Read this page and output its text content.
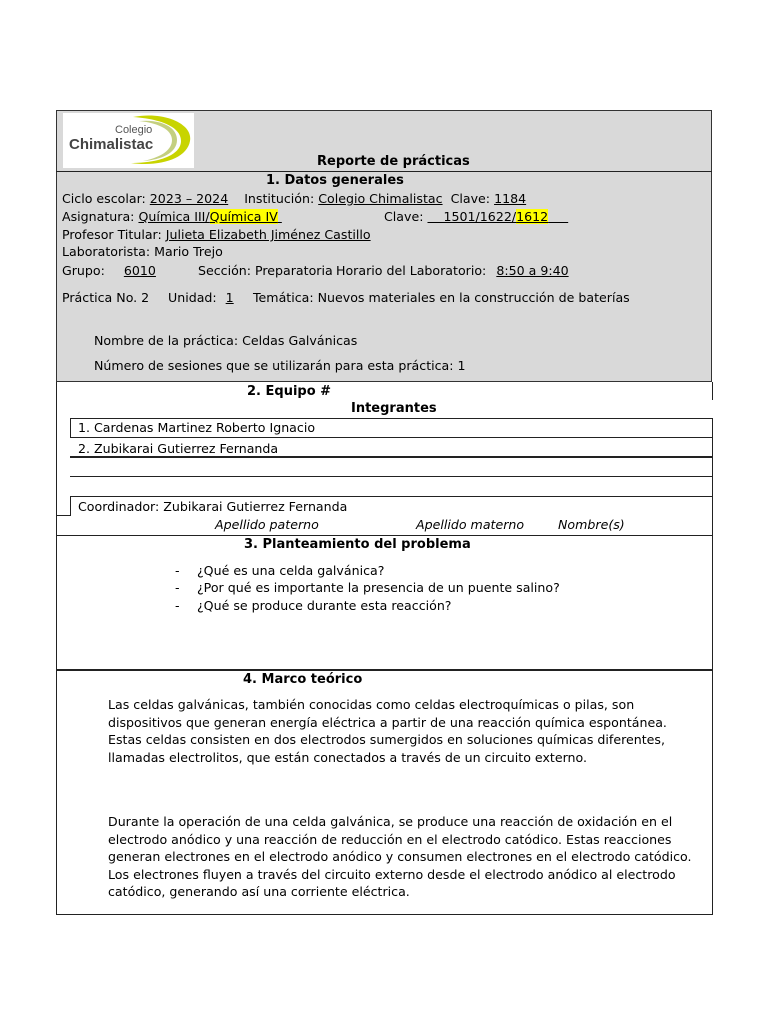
Colegio
Chimalistac
Reporte de prácticas
1. Datos generales
Ciclo escolar: 2023 – 2024 Institución: Colegio Chimalistac Clave: 1184
Asignatura: Química III/Química IV	Clave: 1501/1622/1612
Profesor Titular: Julieta Elizabeth Jiménez Castillo
Laboratorista: Mario Trejo
Grupo: 6010	Sección: Preparatoria Horario del Laboratorio: 8:50 a 9:40
Práctica No. 2 Unidad: 1	Temática: Nuevos materiales en la construcción de baterías
Nombre de la práctica: Celdas Galvánicas
Número de sesiones que se utilizarán para esta práctica: 1
2. Equipo #
Integrantes
1. Cardenas Martinez Roberto Ignacio
2. Zubikarai Gutierrez Fernanda
Coordinador: Zubikarai Gutierrez Fernanda
Apellido paterno	Apellido materno	Nombre(s)
3. Planteamiento del problema
- ¿Qué es una celda galvánica?
- ¿Por qué es importante la presencia de un puente salino?
- ¿Qué se produce durante esta reacción?
4. Marco teórico
Las celdas galvánicas, también conocidas como celdas electroquímicas o pilas, son dispositivos que generan energía eléctrica a partir de una reacción química espontánea. Estas celdas consisten en dos electrodos sumergidos en soluciones químicas diferentes, llamadas electrolitos, que están conectados a través de un circuito externo.
Durante la operación de una celda galvánica, se produce una reacción de oxidación en el electrodo anódico y una reacción de reducción en el electrodo catódico. Estas reacciones generan electrones en el electrodo anódico y consumen electrones en el electrodo catódico. Los electrones fluyen a través del circuito externo desde el electrodo anódico al electrodo catódico, generando así una corriente eléctrica.
